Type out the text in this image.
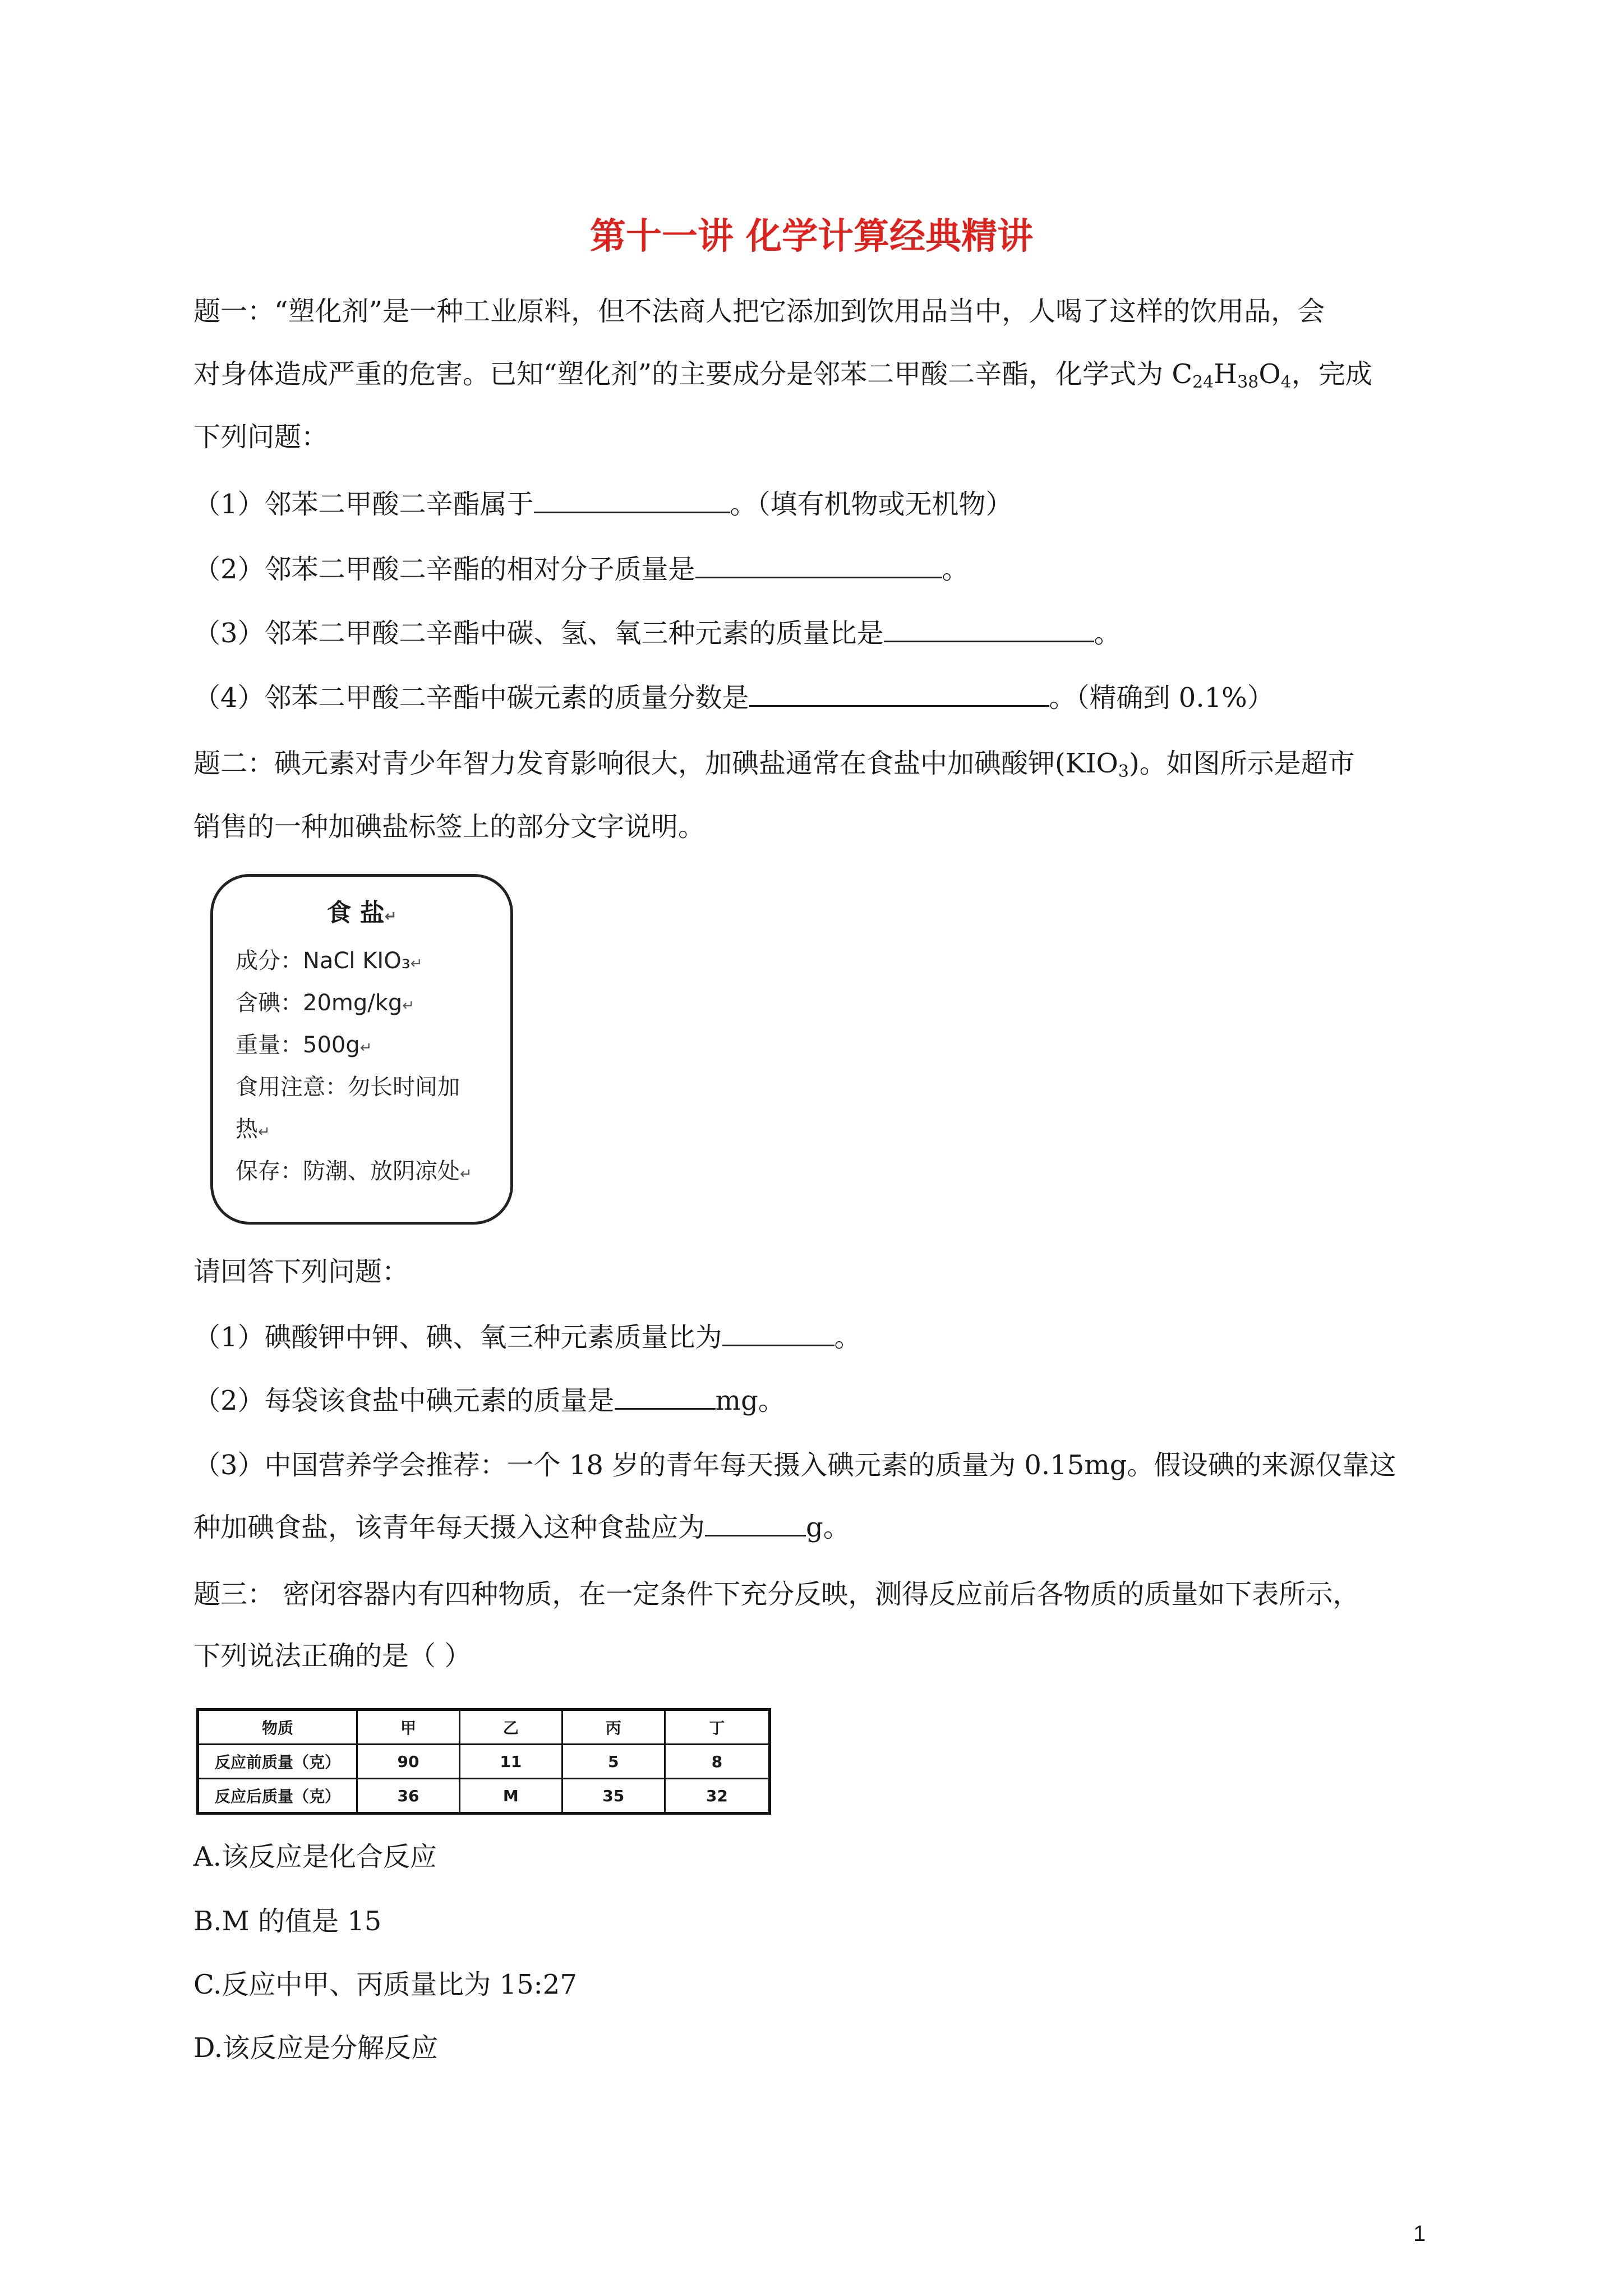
第十一讲 化学计算经典精讲
题一：“塑化剂”是一种工业原料，但不法商人把它添加到饮用品当中，人喝了这样的饮用品，会
对身体造成严重的危害。已知“塑化剂”的主要成分是邻苯二甲酸二辛酯，化学式为 $C_{24}H_{38}O_4$，完成
下列问题：
（1）邻苯二甲酸二辛酯属于	。（填有机物或无机物）
（2）邻苯二甲酸二辛酯的相对分子质量是	。
（3）邻苯二甲酸二辛酯中碳、氢、氧三种元素的质量比是	。
（4）邻苯二甲酸二辛酯中碳元素的质量分数是	。（精确到 0.1%）
题二：碘元素对青少年智力发育影响很大，加碘盐通常在食盐中加碘酸钾$(KIO_3)$。如图所示是超市
销售的一种加碘盐标签上的部分文字说明。
食 盐↵
成分：NaCl KIO₃↵
含碘：20mg/kg↵
重量：500g↵
食用注意：勿长时间加
热↵
保存：防潮、放阴凉处↵
请回答下列问题：
（1）碘酸钾中钾、碘、氧三种元素质量比为	。
（2）每袋该食盐中碘元素的质量是	mg。
（3）中国营养学会推荐：一个 18 岁的青年每天摄入碘元素的质量为 0.15mg。假设碘的来源仅靠这
种加碘食盐，该青年每天摄入这种食盐应为	g。
题三： 密闭容器内有四种物质，在一定条件下充分反映，测得反应前后各物质的质量如下表所示，
下列说法正确的是（ ）
物质	甲	乙	丙	丁
反应前质量（克）	90	11	5	8
反应后质量（克）	36	M	35	32
A.该反应是化合反应
B.M 的值是 15
C.反应中甲、丙质量比为 15:27
D.该反应是分解反应
1
